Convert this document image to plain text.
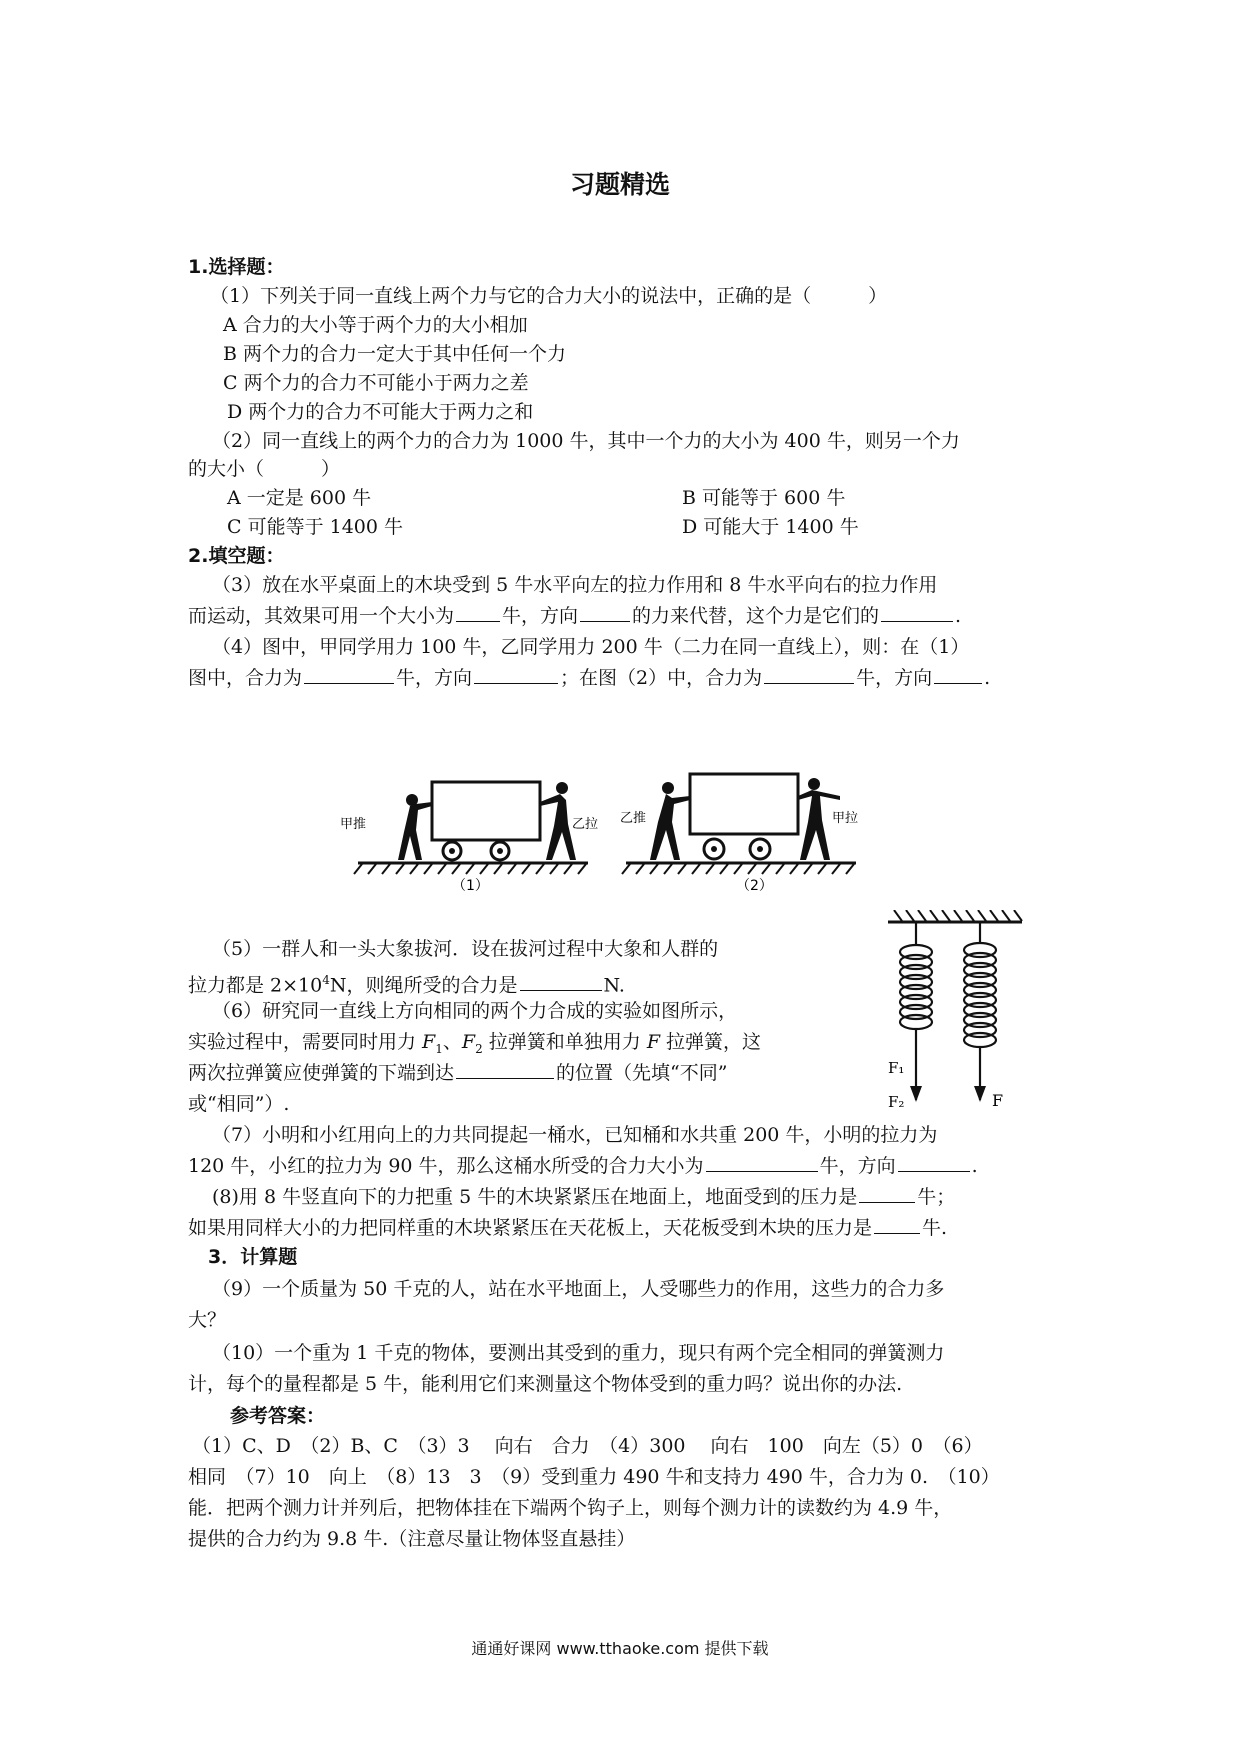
习题精选
1.选择题：
（1）下列关于同一直线上两个力与它的合力大小的说法中，正确的是（　　　）
A 合力的大小等于两个力的大小相加
B 两个力的合力一定大于其中任何一个力
C 两个力的合力不可能小于两力之差
D 两个力的合力不可能大于两力之和
（2）同一直线上的两个力的合力为 1000 牛，其中一个力的大小为 400 牛，则另一个力
的大小（　　　）
A 一定是 600 牛	B 可能等于 600 牛
C 可能等于 1400 牛	D 可能大于 1400 牛
2.填空题：
（3）放在水平桌面上的木块受到 5 牛水平向左的拉力作用和 8 牛水平向右的拉力作用
而运动，其效果可用一个大小为	牛，方向	的力来代替，这个力是它们的	.
（4）图中，甲同学用力 100 牛，乙同学用力 200 牛（二力在同一直线上），则：在（1）
图中，合力为	牛，方向	；在图（2）中，合力为	牛，方向	.
甲推	乙拉
（1）
乙推	甲拉
（2）
F₁
F₂	F
（5）一群人和一头大象拔河．设在拔河过程中大象和人群的
拉力都是 $2\times 10^4N$，则绳所受的合力是	N.
（6）研究同一直线上方向相同的两个力合成的实验如图所示，
实验过程中，需要同时用力 $F_1$、$F_2$ 拉弹簧和单独用力 F 拉弹簧，这
两次拉弹簧应使弹簧的下端到达	的位置（先填“不同”
或“相同”）.
（7）小明和小红用向上的力共同提起一桶水，已知桶和水共重 200 牛，小明的拉力为
120 牛，小红的拉力为 90 牛，那么这桶水所受的合力大小为	牛，方向	.
(8)用 8 牛竖直向下的力把重 5 牛的木块紧紧压在地面上，地面受到的压力是	牛；
如果用同样大小的力把同样重的木块紧紧压在天花板上，天花板受到木块的压力是	牛.
3．计算题
（9）一个质量为 50 千克的人，站在水平地面上，人受哪些力的作用，这些力的合力多
大？
（10）一个重为 1 千克的物体，要测出其受到的重力，现只有两个完全相同的弹簧测力
计，每个的量程都是 5 牛，能利用它们来测量这个物体受到的重力吗？说出你的办法.
参考答案：
（1）C、D　（2）B、C　（3）3　 向右　合力　（4）300　 向右　100　向左（5）0　（6）
相同　（7）10　向上　（8）13　3　（9）受到重力 490 牛和支持力 490 牛，合力为 0.　（10）
能．把两个测力计并列后，把物体挂在下端两个钩子上，则每个测力计的读数约为 4.9 牛，
提供的合力约为 9.8 牛.（注意尽量让物体竖直悬挂）
通通好课网 www.tthaoke.com 提供下载
